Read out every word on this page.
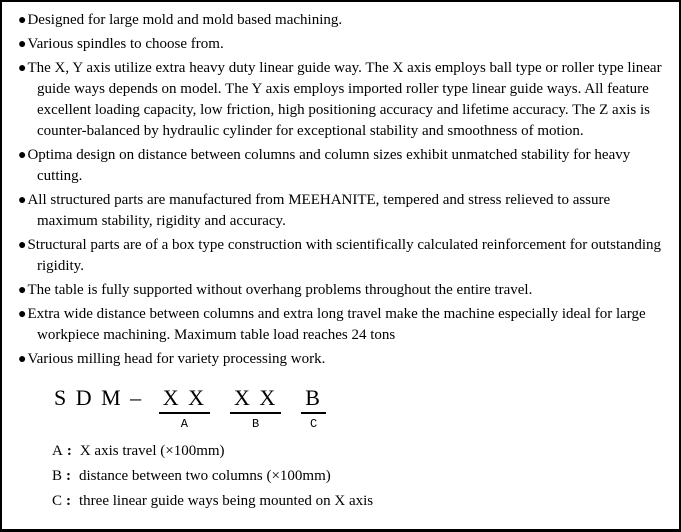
●Designed for large mold and mold based machining.
●Various spindles to choose from.
●The X, Y axis utilize extra heavy duty linear guide way. The X axis employs ball type or roller type linear guide ways depends on model. The Y axis employs imported roller type linear guide ways. All feature excellent loading capacity, low friction, high positioning accuracy and lifetime accuracy. The Z axis is counter-balanced by hydraulic cylinder for exceptional stability and smoothness of motion.
●Optima design on distance between columns and column sizes exhibit unmatched stability for heavy cutting.
●All structured parts are manufactured from MEEHANITE, tempered and stress relieved to assure maximum stability, rigidity and accuracy.
●Structural parts are of a box type construction with scientifically calculated reinforcement for outstanding rigidity.
●The table is fully supported without overhang problems throughout the entire travel.
●Extra wide distance between columns and extra long travel make the machine especially ideal for large workpiece machining. Maximum table load reaches 24 tons
●Various milling head for variety processing work.
S D M – X X
A
X X
B
B
C
A : X axis travel (×100mm)
B : distance between two columns (×100mm)
C : three linear guide ways being mounted on X axis
